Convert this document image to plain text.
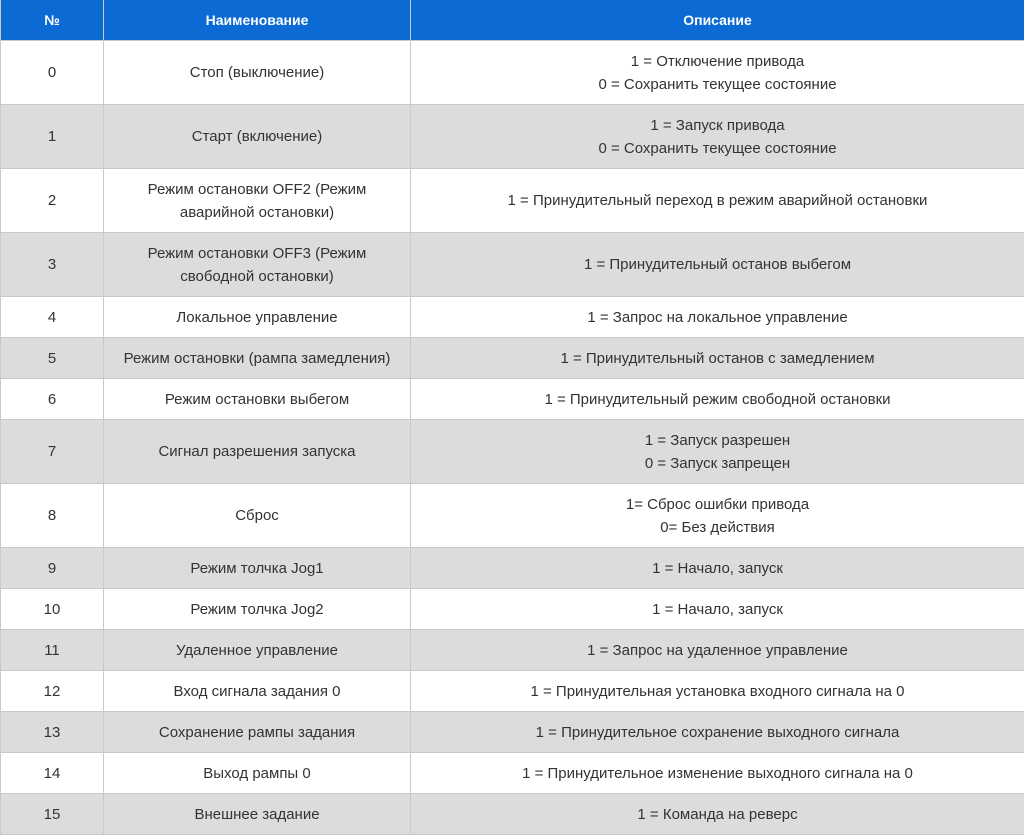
№	Наименование	Описание
0	Стоп (выключение)	1 = Отключение привода
0 = Сохранить текущее состояние

1	Старт (включение)	1 = Запуск привода
0 = Сохранить текущее состояние

2	Режим остановки OFF2 (Режим аварийной остановки)	1 = Принудительный переход в режим аварийной остановки

3	Режим остановки OFF3 (Режим свободной остановки)	1 = Принудительный останов выбегом

4	Локальное управление	1 = Запрос на локальное управление

5	Режим остановки (рампа замедления)	1 = Принудительный останов с замедлением

6	Режим остановки выбегом	1 = Принудительный режим свободной остановки

7	Сигнал разрешения запуска	1 = Запуск разрешен
0 = Запуск запрещен

8	Сброс	1= Сброс ошибки привода
0= Без действия

9	Режим толчка Jog1	1 = Начало, запуск

10	Режим толчка Jog2	1 = Начало, запуск

11	Удаленное управление	1 = Запрос на удаленное управление

12	Вход сигнала задания 0	1 = Принудительная установка входного сигнала на 0

13	Сохранение рампы задания	1 = Принудительное сохранение выходного сигнала

14	Выход рампы 0	1 = Принудительное изменение выходного сигнала на 0

15	Внешнее задание	1 = Команда на реверс
